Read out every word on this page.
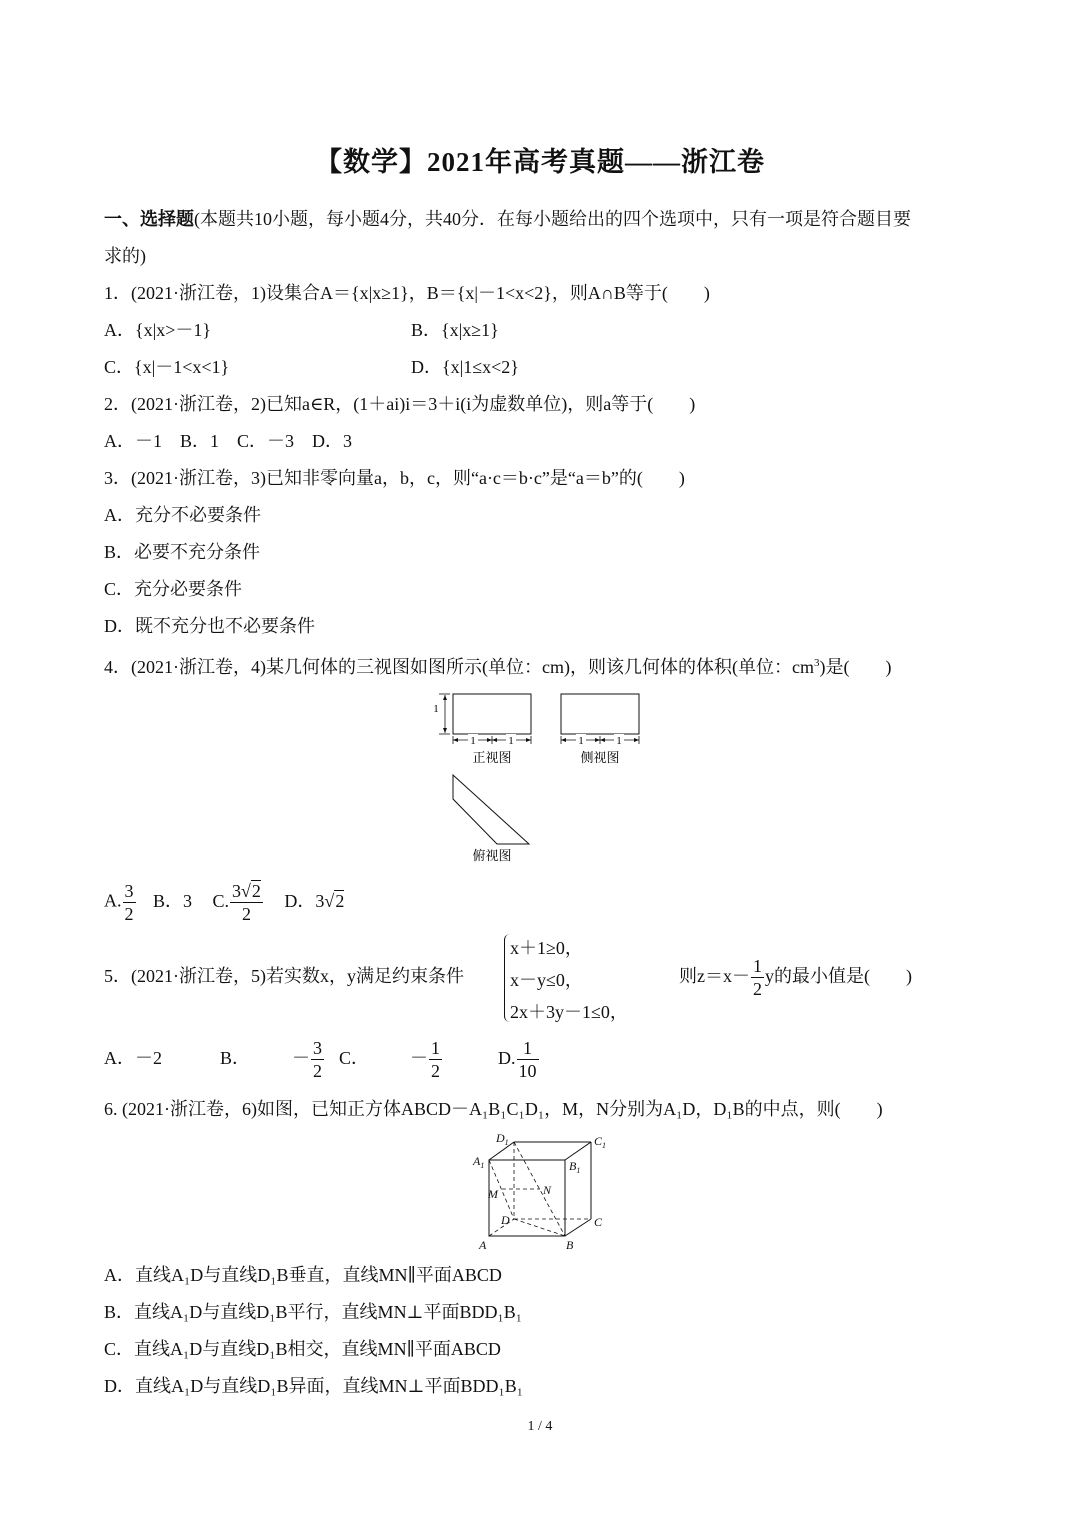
【数学】2021年高考真题——浙江卷
一、选择题(本题共10小题，每小题4分，共40分．在每小题给出的四个选项中，只有一项是符合题目要
求的)
1．(2021·浙江卷，1)设集合A＝{x|x≥1}，B＝{x|－1<x<2}，则A∩B等于(　　)
A．{x|x>－1}	B．{x|x≥1}
C．{x|－1<x<1}	D．{x|1≤x<2}
2．(2021·浙江卷，2)已知a∈R，(1＋ai)i＝3＋i(i为虚数单位)，则a等于(　　)
A．－1　B．1　C．－3　D．3
3．(2021·浙江卷，3)已知非零向量a，b，c，则“a·c＝b·c”是“a＝b”的(　　)
A．充分不必要条件
B．必要不充分条件
C．充分必要条件
D．既不充分也不必要条件
4．(2021·浙江卷，4)某几何体的三视图如图所示(单位：cm)，则该几何体的体积(单位：$cm^3$)是(　　)
1
1	1
正视图
1	1
侧视图
俯视图
A. $\frac{3}{2}$ B．3 C. $\frac{3√2}{2}$ D．3√2
5．(2021·浙江卷，5)若实数x，y满足约束条件
x＋1≥0，
x－y≤0，
2x＋3y－1≤0，
则$z=x- \frac{1}{2}$ y的最小值是(　　)
A．－2	B． － $\frac{3}{2}$ C． － $\frac{1}{2}$	D. $\frac{1}{10}$
6. (2021·浙江卷，6)如图，已知正方体ABCD－A₁B₁C₁D₁，M，N分别为A₁D，D₁B的中点，则(　　)
$D_1$	$C_1$
$A_1$	$B_1$
M	N
D	C
A	B
A．直线A₁D与直线D₁B垂直，直线MN∥平面ABCD
B．直线A₁D与直线D₁B平行，直线MN⊥平面BDD₁B₁
C．直线A₁D与直线D₁B相交，直线MN∥平面ABCD
D．直线A₁D与直线D₁B异面，直线MN⊥平面BDD₁B₁
1 / 4
